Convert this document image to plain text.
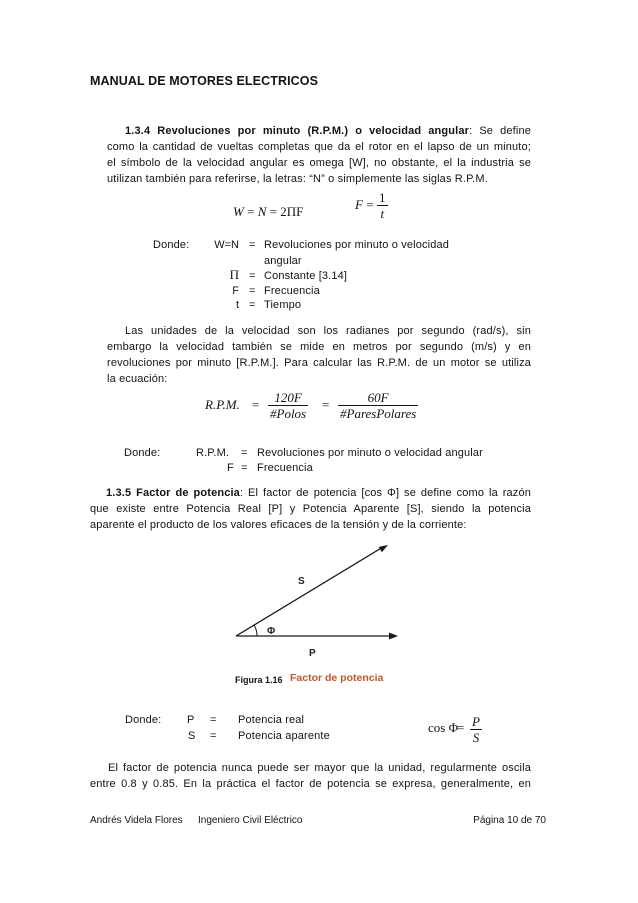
MANUAL DE MOTORES ELECTRICOS
1.3.4 Revoluciones por minuto (R.P.M.) o velocidad angular: Se define
como la cantidad de vueltas completas que da el rotor en el lapso de un minuto;
el símbolo de la velocidad angular es omega [W], no obstante, el la industria se
utilizan también para referirse, la letras: “N” o simplemente las siglas R.P.M.
F = 1
t
W = N = 2ΠF
Donde:	W=N = Revoluciones por minuto o velocidad
angular
Π = Constante [3.14]
F = Frecuencia
t = Tiempo
Las unidades de la velocidad son los radianes por segundo (rad/s), sin
embargo la velocidad también se mide en metros por segundo (m/s) y en
revoluciones por minuto [R.P.M.]. Para calcular las R.P.M. de un motor se utiliza
la ecuación:
R.P.M. = 120F
#Polos
=	60F
#ParesPolares
Donde:	R.P.M. = Revoluciones por minuto o velocidad angular
F = Frecuencia
1.3.5 Factor de potencia: El factor de potencia [cos Φ] se define como la razón
que existe entre Potencia Real [P] y Potencia Aparente [S], siendo la potencia
aparente el producto de los valores eficaces de la tensión y de la corriente:
S
Φ
P
Figura 1.16 Factor de potencia
Donde: P = Potencia real
S = Potencia aparente
cos Φ
= P
S
El factor de potencia nunca puede ser mayor que la unidad, regularmente oscila
entre 0.8 y 0.85. En la práctica el factor de potencia se expresa, generalmente, en
Andrés Videla Flores Ingeniero Civil Eléctrico	Página 10 de 70
